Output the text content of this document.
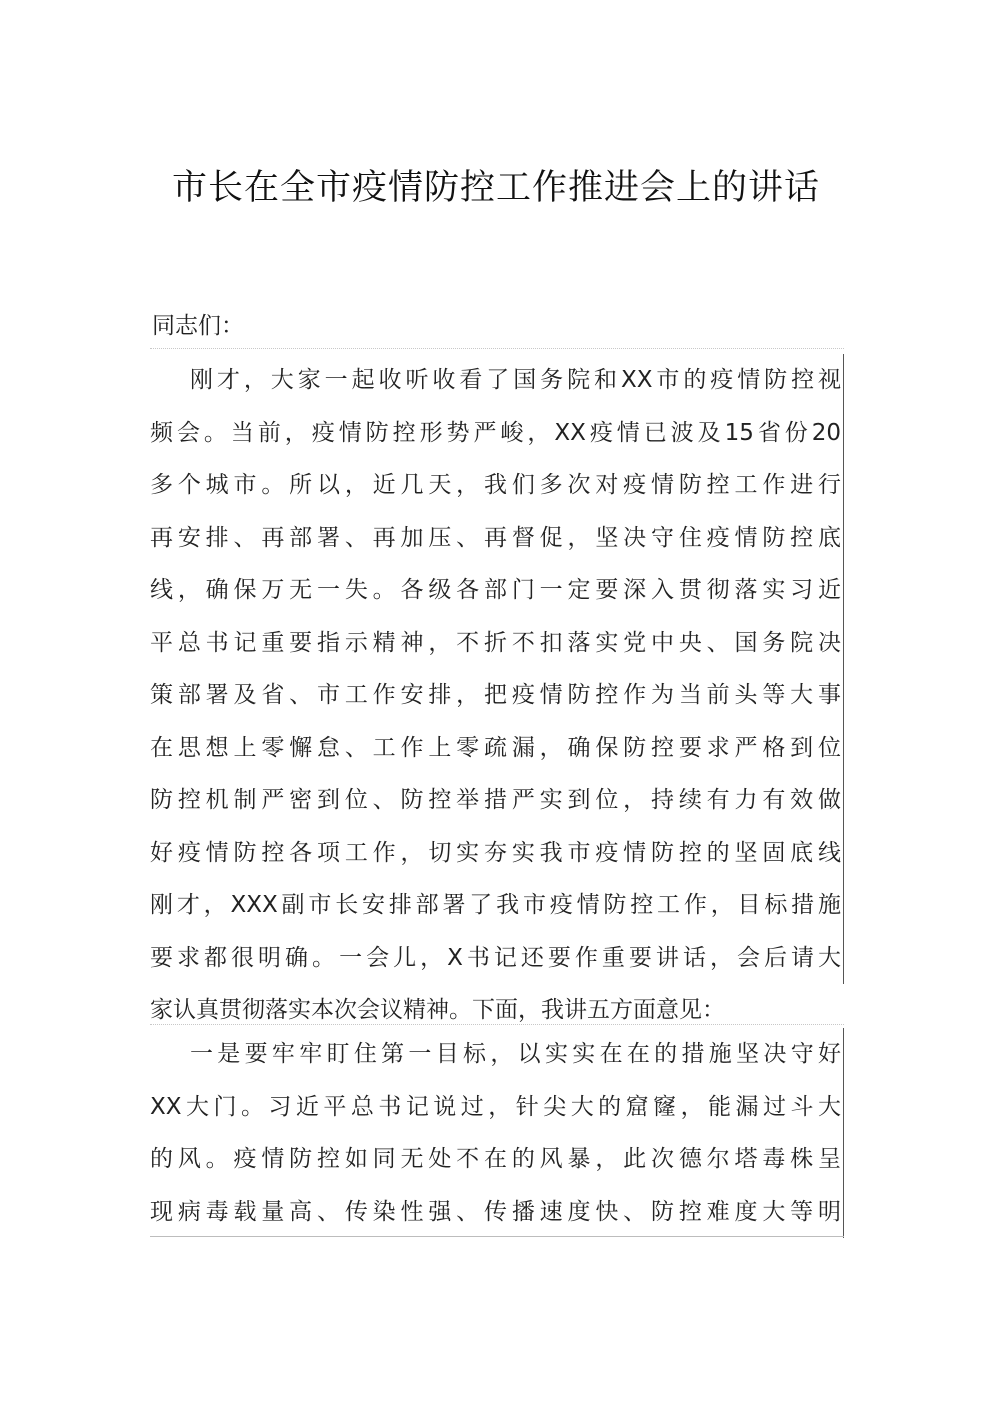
市长在全市疫情防控工作推进会上的讲话
同志们：
刚才，大家一起收听收看了国务院和XX市的疫情防控视
频会。当前，疫情防控形势严峻，XX疫情已波及15省份20
多个城市。所以，近几天，我们多次对疫情防控工作进行
再安排、再部署、再加压、再督促，坚决守住疫情防控底
线，确保万无一失。各级各部门一定要深入贯彻落实习近
平总书记重要指示精神，不折不扣落实党中央、国务院决
策部署及省、市工作安排，把疫情防控作为当前头等大事
在思想上零懈怠、工作上零疏漏，确保防控要求严格到位
防控机制严密到位、防控举措严实到位，持续有力有效做
好疫情防控各项工作，切实夯实我市疫情防控的坚固底线
刚才，XXX副市长安排部署了我市疫情防控工作，目标措施
要求都很明确。一会儿，X书记还要作重要讲话，会后请大
家认真贯彻落实本次会议精神。下面，我讲五方面意见：
一是要牢牢盯住第一目标，以实实在在的措施坚决守好
XX大门。习近平总书记说过，针尖大的窟窿，能漏过斗大
的风。疫情防控如同无处不在的风暴，此次德尔塔毒株呈
现病毒载量高、传染性强、传播速度快、防控难度大等明
